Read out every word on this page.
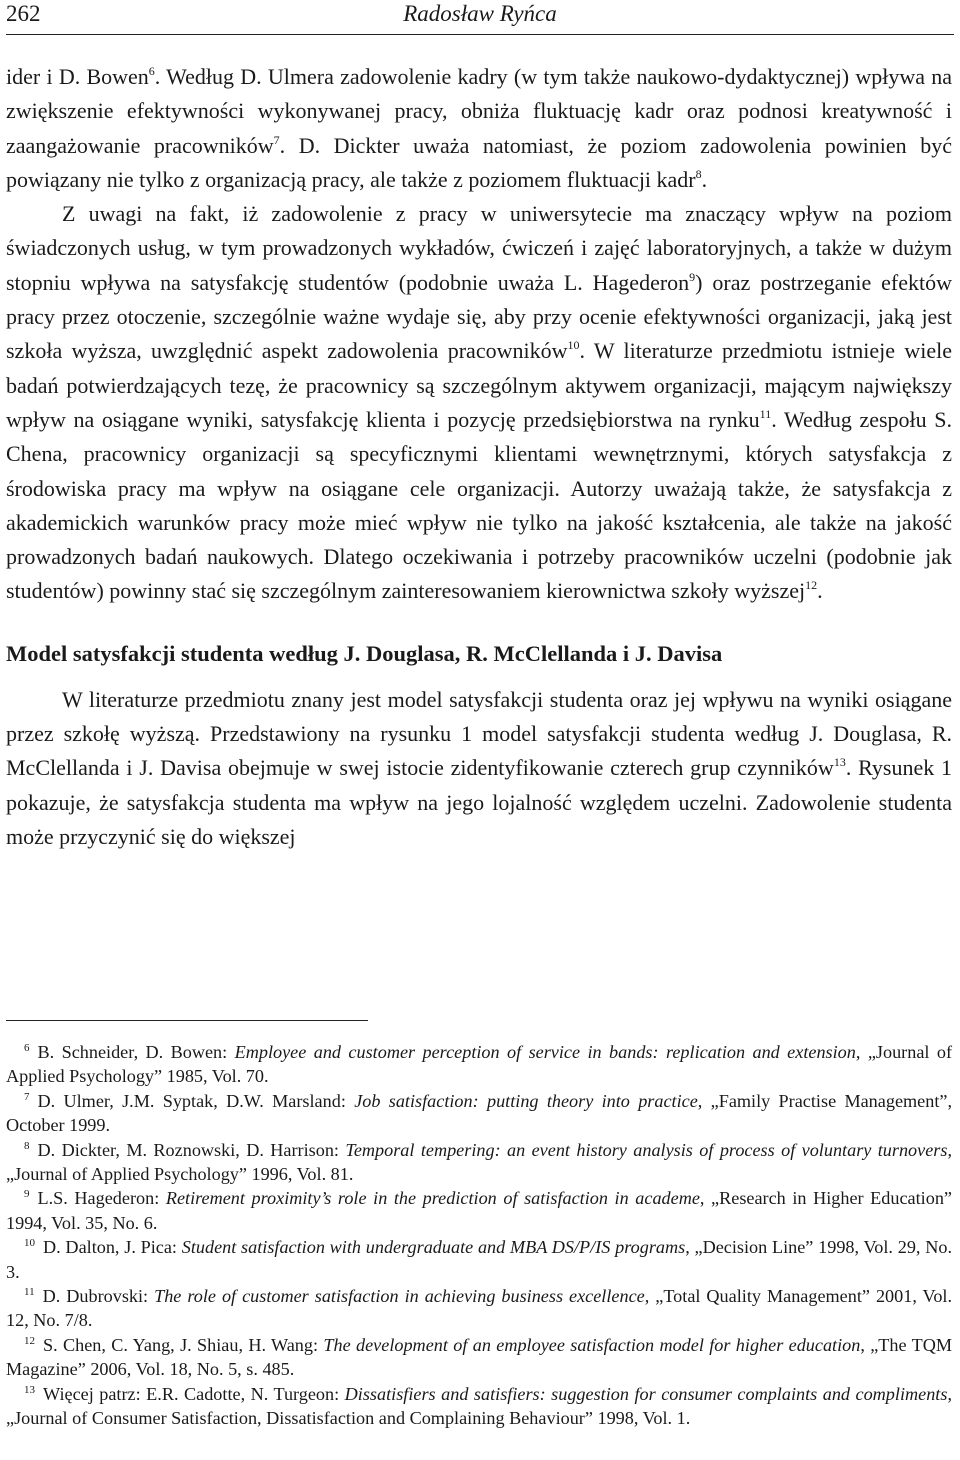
262	Radosław Ryńca

ider i D. Bowen$^6$. Według D. Ulmera zadowolenie kadry (w tym także naukowo-dydaktycznej) wpływa na zwiększenie efektywności wykonywanej pracy, obniża fluktuację kadr oraz podnosi kreatywność i zaangażowanie pracowników$^7$. D. Dickter uważa natomiast, że poziom zadowolenia powinien być powiązany nie tylko z organizacją pracy, ale także z poziomem fluktuacji kadr$^8$.

Z uwagi na fakt, iż zadowolenie z pracy w uniwersytecie ma znaczący wpływ na poziom świadczonych usług, w tym prowadzonych wykładów, ćwiczeń i zajęć laboratoryjnych, a także w dużym stopniu wpływa na satysfakcję studentów (podobnie uważa L. Hagederon$^9$) oraz postrzeganie efektów pracy przez otoczenie, szczególnie ważne wydaje się, aby przy ocenie efektywności organizacji, jaką jest szkoła wyższa, uwzględnić aspekt zadowolenia pracowników$^{10}$. W literaturze przedmiotu istnieje wiele badań potwierdzających tezę, że pracownicy są szczególnym aktywem organizacji, mającym największy wpływ na osiągane wyniki, satysfakcję klienta i pozycję przedsiębiorstwa na rynku$^{11}$. Według zespołu S. Chena, pracownicy organizacji są specyficznymi klientami wewnętrznymi, których satysfakcja z środowiska pracy ma wpływ na osiągane cele organizacji. Autorzy uważają także, że satysfakcja z akademickich warunków pracy może mieć wpływ nie tylko na jakość kształcenia, ale także na jakość prowadzonych badań naukowych. Dlatego oczekiwania i potrzeby pracowników uczelni (podobnie jak studentów) powinny stać się szczególnym zainteresowaniem kierownictwa szkoły wyższej$^{12}$.

Model satysfakcji studenta według J. Douglasa, R. McClellanda i J. Davisa

W literaturze przedmiotu znany jest model satysfakcji studenta oraz jej wpływu na wyniki osiągane przez szkołę wyższą. Przedstawiony na rysunku 1 model satysfakcji studenta według J. Douglasa, R. McClellanda i J. Davisa obejmuje w swej istocie zidentyfikowanie czterech grup czynników$^{13}$. Rysunek 1 pokazuje, że satysfakcja studenta ma wpływ na jego lojalność względem uczelni. Zadowolenie studenta może przyczynić się do większej

$^6$ B. Schneider, D. Bowen: Employee and customer perception of service in bands: replication and extension, „Journal of Applied Psychology” 1985, Vol. 70.

$^7$ D. Ulmer, J.M. Syptak, D.W. Marsland: Job satisfaction: putting theory into practice, „Family Practise Management”, October 1999.

$^8$ D. Dickter, M. Roznowski, D. Harrison: Temporal tempering: an event history analysis of process of voluntary turnovers, „Journal of Applied Psychology” 1996, Vol. 81.

$^9$ L.S. Hagederon: Retirement proximity’s role in the prediction of satisfaction in academe, „Research in Higher Education” 1994, Vol. 35, No. 6.

$^{10}$ D. Dalton, J. Pica: Student satisfaction with undergraduate and MBA DS/P/IS programs, „Decision Line” 1998, Vol. 29, No. 3.

$^{11}$ D. Dubrovski: The role of customer satisfaction in achieving business excellence, „Total Quality Management” 2001, Vol. 12, No. 7/8.

$^{12}$ S. Chen, C. Yang, J. Shiau, H. Wang: The development of an employee satisfaction model for higher education, „The TQM Magazine” 2006, Vol. 18, No. 5, s. 485.

$^{13}$ Więcej patrz: E.R. Cadotte, N. Turgeon: Dissatisfiers and satisfiers: suggestion for consumer complaints and compliments, „Journal of Consumer Satisfaction, Dissatisfaction and Complaining Behaviour” 1998, Vol. 1.
